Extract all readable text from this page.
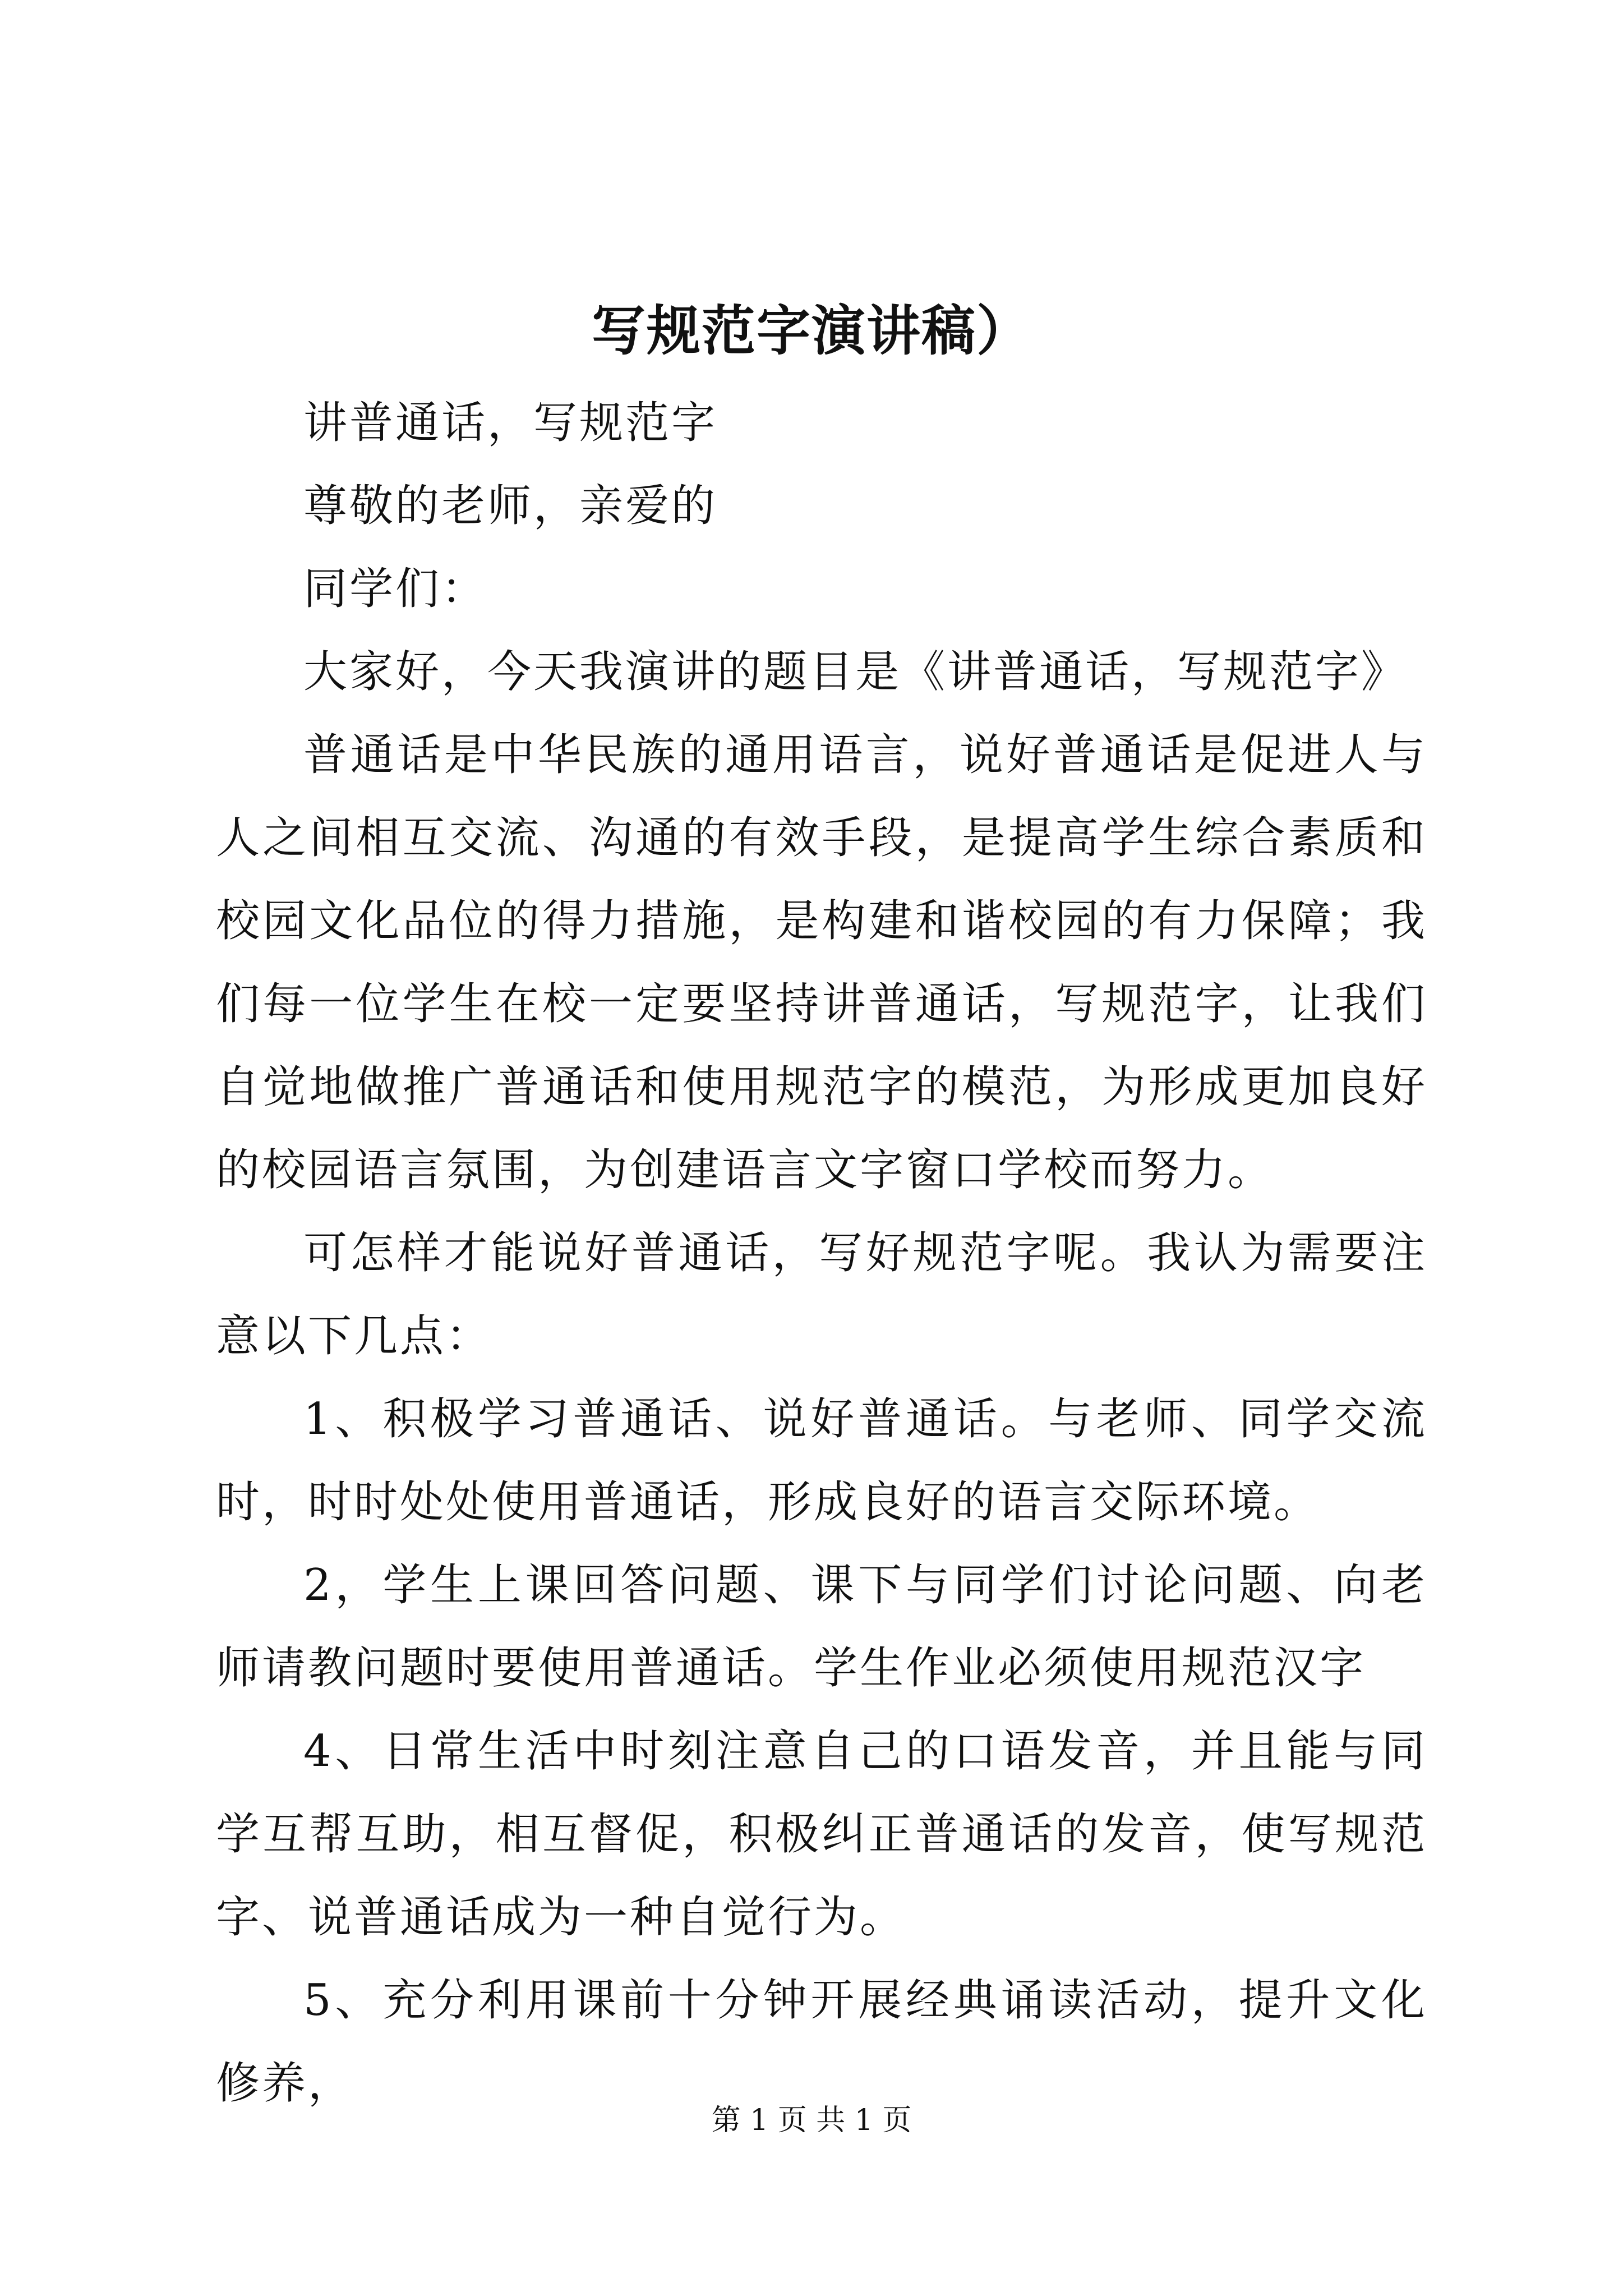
写规范字演讲稿）

讲普通话，写规范字

尊敬的老师，亲爱的

同学们：

大家好，今天我演讲的题目是《讲普通话，写规范字》

普通话是中华民族的通用语言，说好普通话是促进人与人之间相互交流、沟通的有效手段，是提高学生综合素质和校园文化品位的得力措施，是构建和谐校园的有力保障；我们每一位学生在校一定要坚持讲普通话，写规范字，让我们自觉地做推广普通话和使用规范字的模范，为形成更加良好的校园语言氛围，为创建语言文字窗口学校而努力。

可怎样才能说好普通话，写好规范字呢。我认为需要注意以下几点：

1、积极学习普通话、说好普通话。与老师、同学交流时，时时处处使用普通话，形成良好的语言交际环境。

2，学生上课回答问题、课下与同学们讨论问题、向老师请教问题时要使用普通话。学生作业必须使用规范汉字

4、日常生活中时刻注意自己的口语发音，并且能与同学互帮互助，相互督促，积极纠正普通话的发音，使写规范字、说普通话成为一种自觉行为。

5、充分利用课前十分钟开展经典诵读活动，提升文化修养，

第 1 页 共 1 页
